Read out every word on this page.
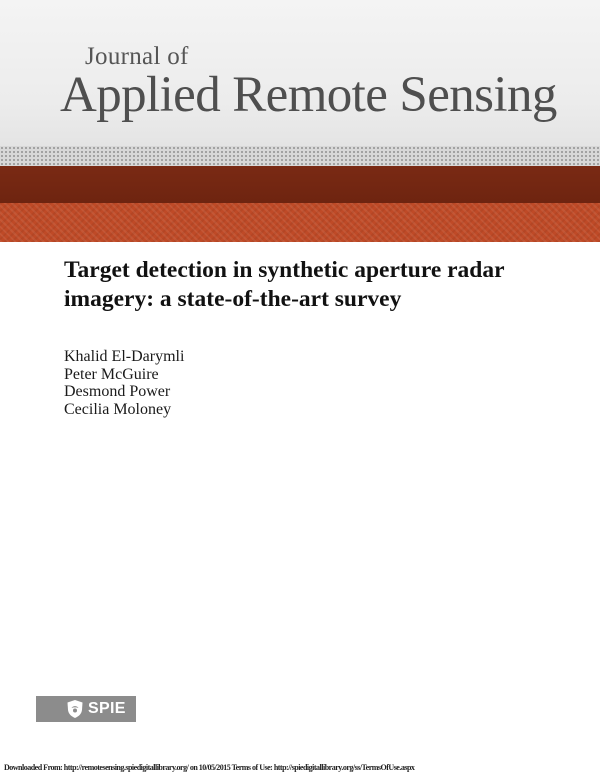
Journal of
Applied Remote Sensing
Target detection in synthetic aperture radar imagery: a state-of-the-art survey
Khalid El-Darymli
Peter McGuire
Desmond Power
Cecilia Moloney
SPIE
Downloaded From: http://remotesensing.spiedigitallibrary.org/ on 10/05/2015 Terms of Use: http://spiedigitallibrary.org/ss/TermsOfUse.aspx
